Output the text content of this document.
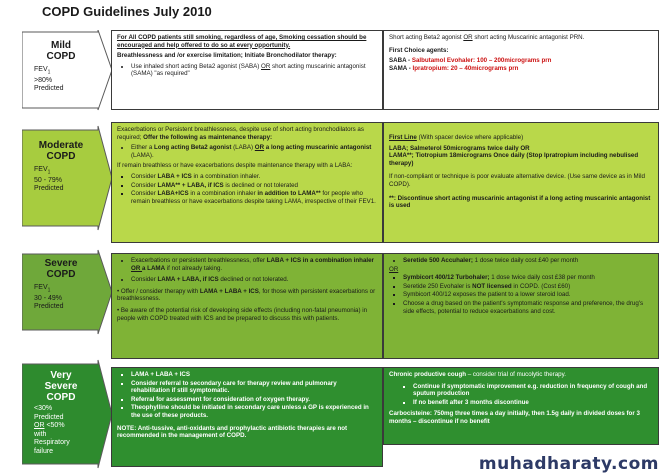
COPD Guidelines July 2010
Mild
COPD
$FEV_1$
>80%
Predicted
Moderate
COPD
$FEV_1$
50 - 79%
Predicted
Severe
COPD
$FEV_1$
30 - 49%
Predicted
Very
Severe
COPD
<30%
Predicted
OR <50%
with
Respiratory
failure

For All COPD patients still smoking, regardless of age, Smoking cessation should be encouraged and help offered to do so at every opportunity.

Breathlessness and /or exercise limitation; Initiate Bronchodilator therapy:

• Use inhaled short acting Beta2 agonist (SABA) OR short acting muscarinic antagonist (SAMA) "as required"

Short acting Beta2 agonist OR short acting Muscarinic antagonist PRN.

First Choice agents:

SABA - Salbutamol Evohaler: 100 – 200micrograms prn

SAMA - Ipratropium: 20 – 40micrograms prn

Exacerbations or Persistent breathlessness, despite use of short acting bronchodilators as required; Offer the following as maintenance therapy:

• Either a Long acting Beta2 agonist (LABA) OR a long acting muscarinic antagonist (LAMA).

If remain breathless or have exacerbations despite maintenance therapy with a LABA:

▪ Consider LABA + ICS in a combination inhaler.
▪ Consider LAMA** + LABA, if ICS is declined or not tolerated
▪ Consider LABA+ICS in a combination inhaler in addition to LAMA** for people who remain breathless or have exacerbations despite taking LAMA, irrespective of their FEV1.

First Line (With spacer device where applicable)

LABA; Salmeterol 50micrograms twice daily OR

LAMA**; Tiotropium 18micrograms Once daily (Stop Ipratropium including nebulised therapy)

If non-compliant or technique is poor evaluate alternative device. (Use same device as in Mild COPD).

**: Discontinue short acting muscarinic antagonist if a long acting muscarinic antagonist is used

• Exacerbations or persistent breathlessness, offer LABA + ICS in a combination inhaler OR a LAMA if not already taking.
• Consider LAMA + LABA, if ICS declined or not tolerated.

• Offer / consider therapy with LAMA + LABA + ICS, for those with persistent exacerbations or breathlessness.

• Be aware of the potential risk of developing side effects (including non-fatal pneumonia) in people with COPD treated with ICS and be prepared to discuss this with patients.

• Seretide 500 Accuhaler; 1 dose twice daily cost £40 per month

OR

▪ Symbicort 400/12 Turbohaler; 1 dose twice daily cost £38 per month
▪ Seretide 250 Evohaler is NOT licensed in COPD. (Cost £60)
▪ Symbicort 400/12 exposes the patient to a lower steroid load.
▪ Choose a drug based on the patient's symptomatic response and preference, the drug's side effects, potential to reduce exacerbations and cost.
▪ LAMA + LABA + ICS
▪ Consider referral to secondary care for therapy review and pulmonary rehabilitation if still symptomatic.
▪ Referral for assessment for consideration of oxygen therapy.
▪ Theophylline should be initiated in secondary care unless a GP is experienced in the use of these products.

NOTE: Anti-tussive, anti-oxidants and prophylactic antibiotic therapies are not recommended in the management of COPD.

Chronic productive cough – consider trial of mucolytic therapy.

▪ Continue if symptomatic improvement e.g. reduction in frequency of cough and sputum production
▪ If no benefit after 3 months discontinue

Carbocisteine: 750mg three times a day initially, then 1.5g daily in divided doses for 3 months – discontinue if no benefit

muhadharaty.com
